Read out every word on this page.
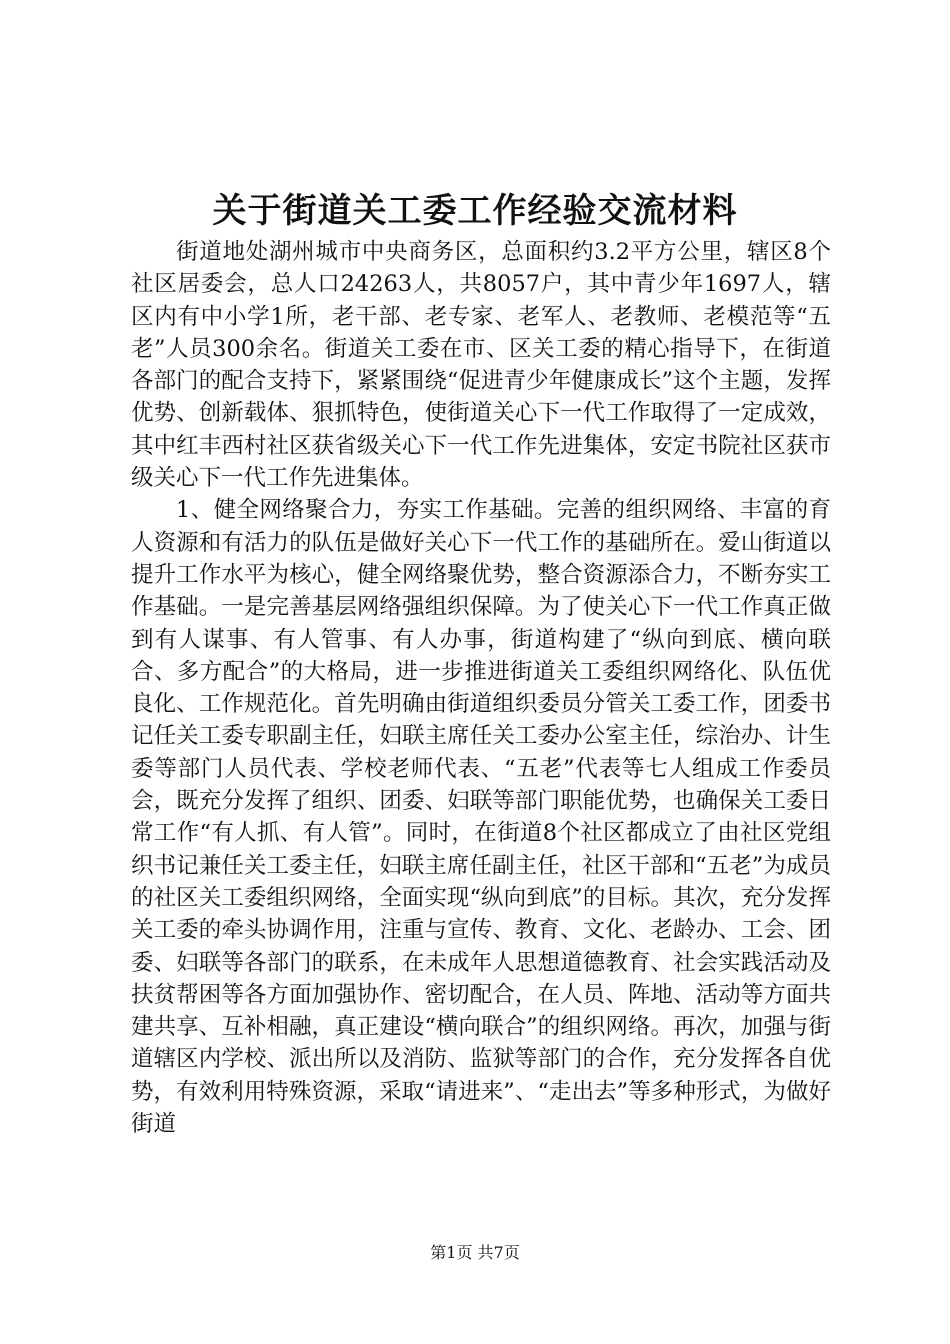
关于街道关工委工作经验交流材料

街道地处湖州城市中央商务区，总面积约3.2平方公里，辖区8个社区居委会，总人口24263人，共8057户，其中青少年1697人，辖区内有中小学1所，老干部、老专家、老军人、老教师、老模范等“五老”人员300余名。街道关工委在市、区关工委的精心指导下，在街道各部门的配合支持下，紧紧围绕“促进青少年健康成长”这个主题，发挥优势、创新载体、狠抓特色，使街道关心下一代工作取得了一定成效，其中红丰西村社区获省级关心下一代工作先进集体，安定书院社区获市级关心下一代工作先进集体。

1、健全网络聚合力，夯实工作基础。完善的组织网络、丰富的育人资源和有活力的队伍是做好关心下一代工作的基础所在。爱山街道以提升工作水平为核心，健全网络聚优势，整合资源添合力，不断夯实工作基础。一是完善基层网络强组织保障。为了使关心下一代工作真正做到有人谋事、有人管事、有人办事，街道构建了“纵向到底、横向联合、多方配合”的大格局，进一步推进街道关工委组织网络化、队伍优良化、工作规范化。首先明确由街道组织委员分管关工委工作，团委书记任关工委专职副主任，妇联主席任关工委办公室主任，综治办、计生委等部门人员代表、学校老师代表、“五老”代表等七人组成工作委员会，既充分发挥了组织、团委、妇联等部门职能优势，也确保关工委日常工作“有人抓、有人管”。同时，在街道8个社区都成立了由社区党组织书记兼任关工委主任，妇联主席任副主任，社区干部和“五老”为成员的社区关工委组织网络，全面实现“纵向到底”的目标。其次，充分发挥关工委的牵头协调作用，注重与宣传、教育、文化、老龄办、工会、团委、妇联等各部门的联系，在未成年人思想道德教育、社会实践活动及扶贫帮困等各方面加强协作、密切配合，在人员、阵地、活动等方面共建共享、互补相融，真正建设“横向联合”的组织网络。再次，加强与街道辖区内学校、派出所以及消防、监狱等部门的合作，充分发挥各自优势，有效利用特殊资源，采取“请进来”、“走出去”等多种形式，为做好街道

第1页 共7页
